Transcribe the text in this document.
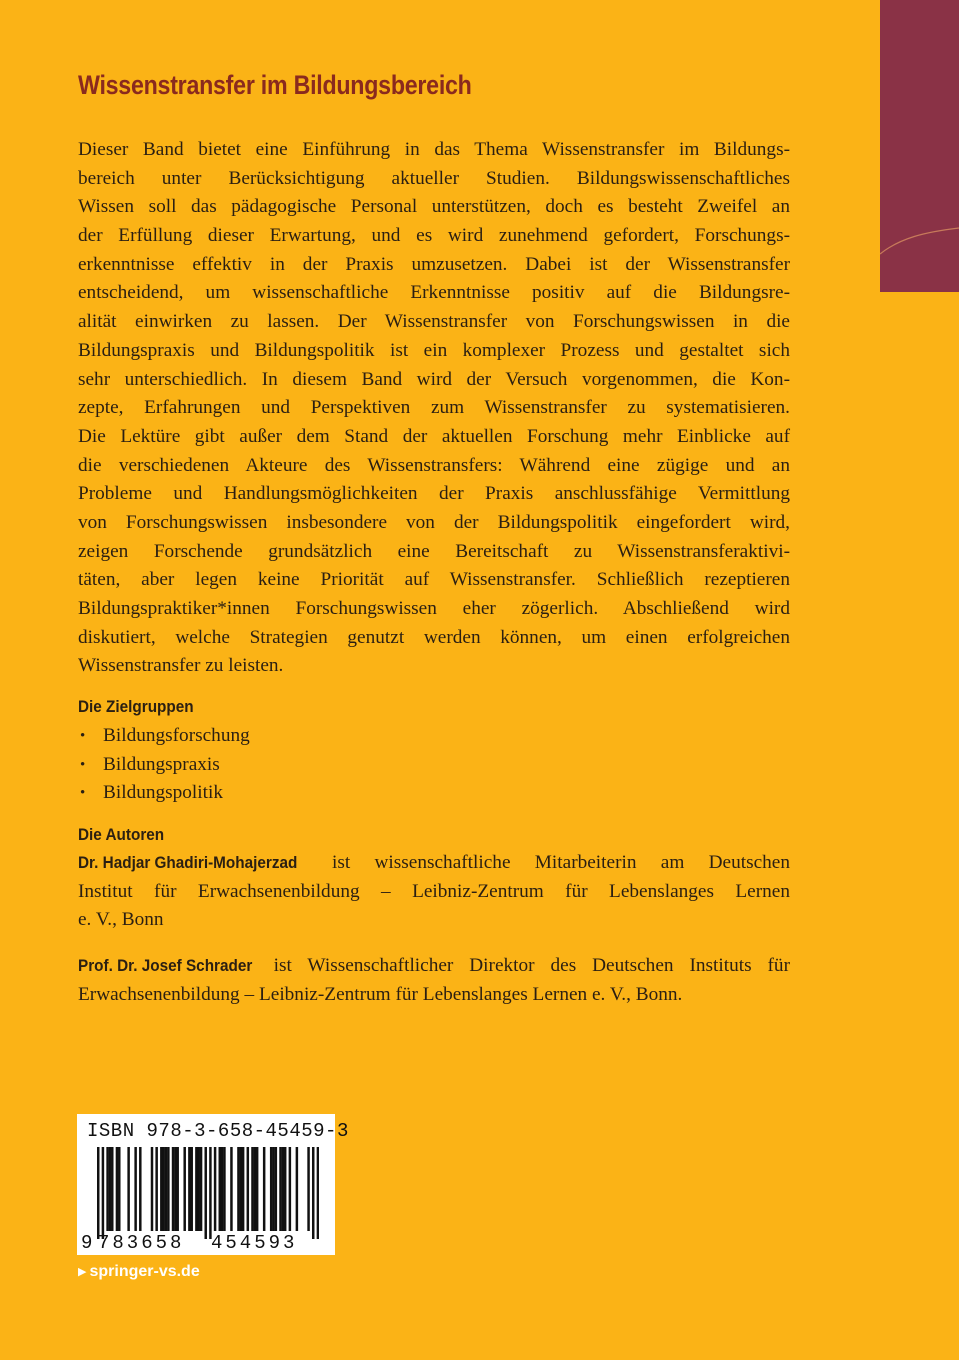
Wissenstransfer im Bildungsbereich
Dieser Band bietet eine Einführung in das Thema Wissenstransfer im Bildungs-
bereich unter Berücksichtigung aktueller Studien. Bildungswissenschaftliches
Wissen soll das pädagogische Personal unterstützen, doch es besteht Zweifel an
der Erfüllung dieser Erwartung, und es wird zunehmend gefordert, Forschungs-
erkenntnisse effektiv in der Praxis umzusetzen. Dabei ist der Wissenstransfer
entscheidend, um wissenschaftliche Erkenntnisse positiv auf die Bildungsre-
alität einwirken zu lassen. Der Wissenstransfer von Forschungswissen in die
Bildungspraxis und Bildungspolitik ist ein komplexer Prozess und gestaltet sich
sehr unterschiedlich. In diesem Band wird der Versuch vorgenommen, die Kon-
zepte, Erfahrungen und Perspektiven zum Wissenstransfer zu systematisieren.
Die Lektüre gibt außer dem Stand der aktuellen Forschung mehr Einblicke auf
die verschiedenen Akteure des Wissenstransfers: Während eine zügige und an
Probleme und Handlungsmöglichkeiten der Praxis anschlussfähige Vermittlung
von Forschungswissen insbesondere von der Bildungspolitik eingefordert wird,
zeigen Forschende grundsätzlich eine Bereitschaft zu Wissenstransferaktivi-
täten, aber legen keine Priorität auf Wissenstransfer. Schließlich rezeptieren
Bildungspraktiker*innen Forschungswissen eher zögerlich. Abschließend wird
diskutiert, welche Strategien genutzt werden können, um einen erfolgreichen
Wissenstransfer zu leisten.
Die Zielgruppen
• Bildungsforschung
• Bildungspraxis
• Bildungspolitik
Die Autoren
Dr. Hadjar Ghadiri-Mohajerzad ist wissenschaftliche Mitarbeiterin am Deutschen
Institut für Erwachsenenbildung – Leibniz-Zentrum für Lebenslanges Lernen
e. V., Bonn
Prof. Dr. Josef Schrader ist Wissenschaftlicher Direktor des Deutschen Instituts für
Erwachsenenbildung – Leibniz-Zentrum für Lebenslanges Lernen e. V., Bonn.
ISBN 978-3-658-45459-3
9 783658 454593
▶ springer-vs.de
